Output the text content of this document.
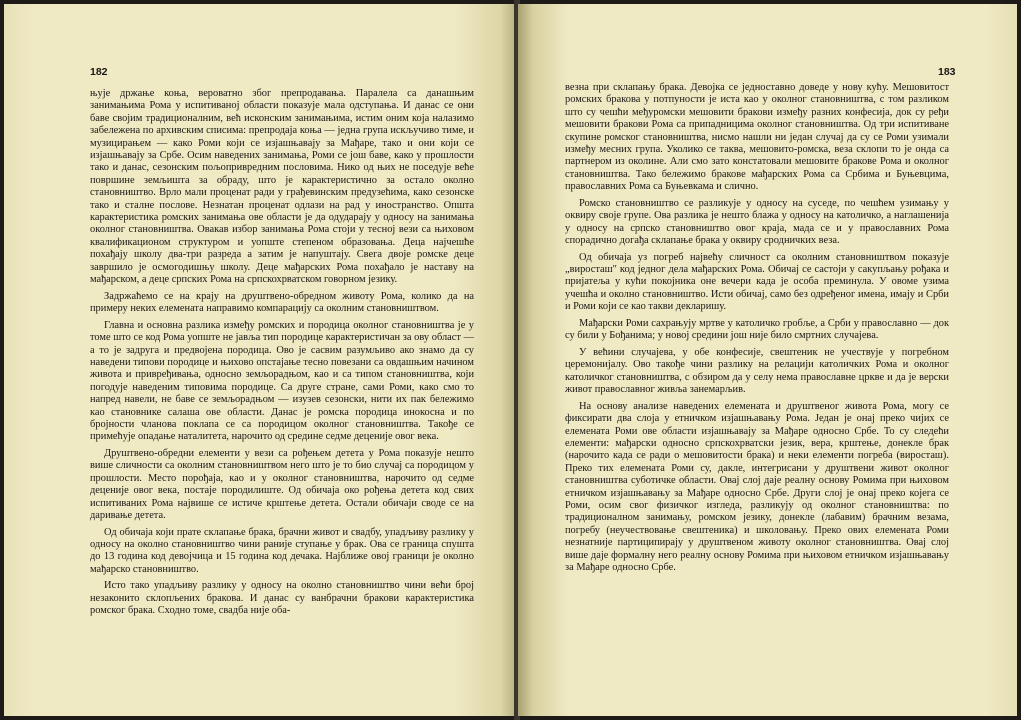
182

њује држање коња, вероватно због препродавања. Паралела са данашњим занимањима Рома у испитиваној области показује мала одступања. И данас се они баве својим традиционалним, већ исконским занимањима, истим оним која налазимо забележена по архивским списима: препродаја коња — једна група искључиво тиме, и музицирањем — како Роми који се изјашњавају за Мађаре, тако и они који се изјашњавају за Србе. Осим наведених занимања, Роми се још баве, како у прошлости тако и данас, сезонским пољопривредним пословима. Нико од њих не поседује веће површине земљишта за обраду, што је карактеристично за остало околно становништво. Врло мали проценат ради у грађевинским предузећима, како сезонске тако и сталне послове. Незнатан проценат одлази на рад у иностранство. Општа карактеристика ромских занимања ове области је да одударају у односу на занимања околног становништва. Овакав избор занимања Рома стоји у тесној вези са њиховом квалификационом структуром и уопште степеном образовања. Деца најчешће похађају школу два-три разреда а затим је напуштају. Свега двоје ромске деце завршило је осмогодишњу школу. Деце мађарских Рома похађало је наставу на мађарском, а деце српских Рома на српскохрватском говорном језику.

Задржаћемо се на крају на друштвено-обредном животу Рома, колико да на примеру неких елемената направимо компарацију са околним становништвом.

Главна и основна разлика између ромских и породица околног становништва је у томе што се код Рома уопште не јавља тип породице карактеристичан за ову област — а то је задруга и предвојена породица. Ово је сасвим разумљиво ако знамо да су наведени типови породице и њихово опстајање тесно повезани са овдашњим начином живота и привређивања, односно земљорадњом, као и са типом становништва, који погодује наведеним типовима породице. Са друге стране, сами Роми, како смо то напред навели, не баве се земљорадњом — изузев сезонски, нити их пак бележимо као становнике салаша ове области. Данас је ромска породица инокосна и по бројности чланова поклапа се са породицом околног становништва. Такође се примећује опадање наталитета, нарочито од средине седме деценије овог века.

Друштвено-обредни елементи у вези са рођењем детета у Рома показује нешто више сличности са околним становништвом него што је то био случај са породицом у прошлости. Место порођаја, као и у околног становништва, нарочито од седме деценије овог века, постаје породилиште. Од обичаја око рођења детета код свих испитиваних Рома највише се истиче крштење детета. Остали обичаји своде се на даривање детета.

Од обичаја који прате склапање брака, брачни живот и свадбу, упадљиву разлику у односу на околно становништво чини раније ступање у брак. Ова се граница спушта до 13 година код девојчица и 15 година код дечака. Најближе овој граници је околно мађарско становништво.

Исто тако упадљиву разлику у односу на околно становништво чини већи број незаконито склопљених бракова. И данас су ванбрачни бракови карактеристика ромског брака. Сходно томе, свадба није оба-

183

везна при склапању брака. Девојка се једноставно доведе у нову кућу. Мешовитост ромских бракова у потпуности је иста као у околног становништва, с том разликом што су чешћи међуромски мешовити бракови између разних конфесија, док су ређи мешовити бракови Рома са припадницима околног становништва. Од три испитиване скупине ромског становништва, нисмо нашли ни један случај да су се Роми узимали између месних група. Уколико се таква, мешовито-ромска, веза склопи то је онда са партнером из околине. Али смо зато констатовали мешовите бракове Рома и околног становништва. Тако бележимо браковe мађарских Рома са Србима и Буњевцима, православних Рома са Буњевкама и слично.

Ромско становништво се разликује у односу на суседе, по чешћем узимању у оквиру своје групе. Ова разлика је нешто блажа у односу на католичко, а наглашенија у односу на српско становништво овог краја, мада се и у православних Рома спорадично догађа склапање брака у оквиру сродничких веза.

Од обичаја уз погреб највећу сличност са околним становништвом показује „виросташ" код једног дела мађарских Рома. Обичај се састоји у сакупљању рођака и пријатеља у кући покојника оне вечери када је особа преминула. У овоме узима учешћа и околно становништво. Исти обичај, само без одређеног имена, имају и Срби и Роми који се као такви декларишу.

Мађарски Роми сахрањују мртве у католичко гробље, а Срби у православно — док су били у Бођанима; у новој средини још није било смртних случајева.

У већини случајева, у обе конфесије, свештеник не учествује у погребном церемонијалу. Ово такође чини разлику на релацији католичких Рома и околног католичког становништва, с обзиром да у селу нема православне цркве и да је верски живот православног живља занемарљив.

На основу анализе наведених елемената и друштвеног живота Рома, могу се фиксирати два слоја у етничком изјашњавању Рома. Један је онај преко чијих се елемената Роми ове области изјашњавају за Мађаре односно Србе. То су следећи елементи: мађарски односно српскохрватски језик, вера, крштење, донекле брак (нарочито када се ради о мешовитости брака) и неки елементи погреба (виросташ). Преко тих елемената Роми су, дакле, интегрисани у друштвени живот околног становништва суботичке области. Овај слој даје реалну основу Ромима при њиховом етничком изјашњавању за Мађаре односно Србе. Други слој је онај преко којега се Роми, осим свог физичког изгледа, разликују од околног становништва: по традиционалном занимању, ромском језику, донекле (лабавим) брачним везама, погребу (неучествовање свештеника) и школовању. Преко ових елемената Роми незнатније партиципирају у друштвеном животу околног становништва. Овај слој више даје формалну него реалну основу Ромима при њиховом етничком изјашњавању за Мађаре односно Србе.
